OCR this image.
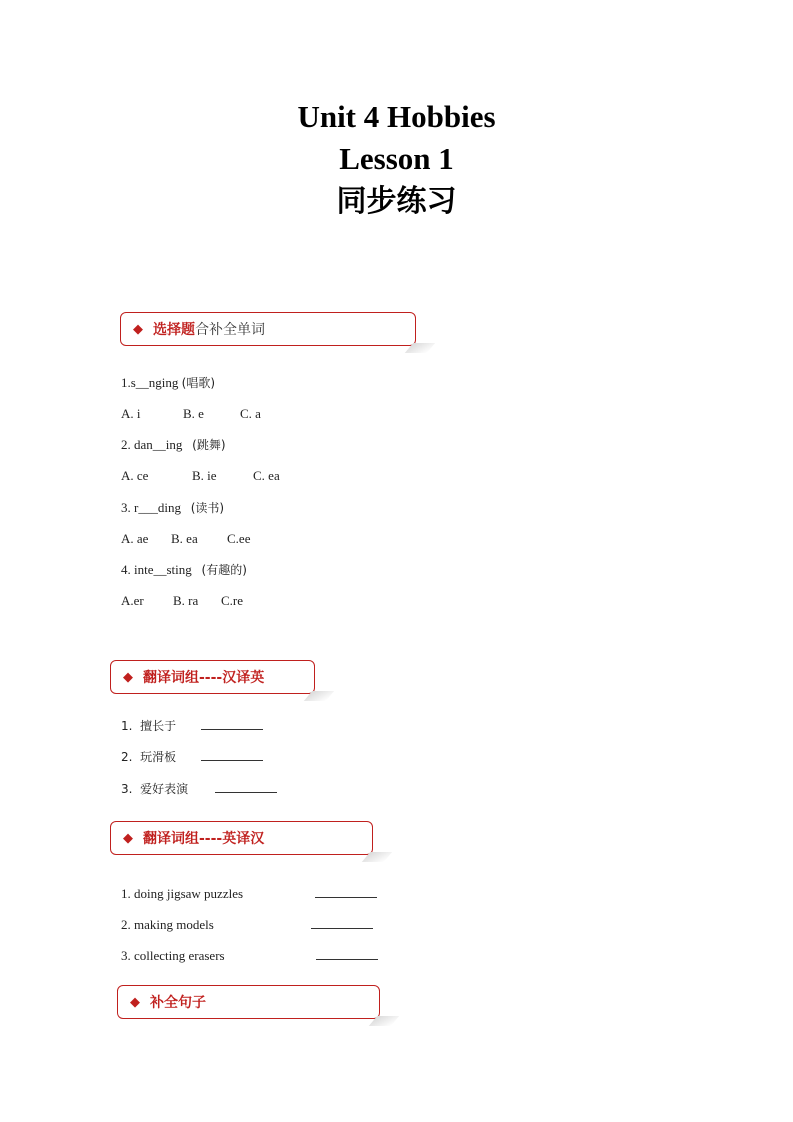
Unit 4 Hobbies
Lesson 1
同步练习
◆ 选择题 合补全单词
1.s__nging (唱歌)
A. i	B. e	C. a
2. dan__ing (跳舞)
A. ce	B. ie	C. ea
3. r___ding (读书)
A. ae B. ea C.ee
4. inte__sting (有趣的)
A.er B. ra C.re
◆ 翻译词组----汉译英
1.  擅长于
2.  玩滑板
3.  爱好表演
◆ 翻译词组----英译汉
1. doing jigsaw puzzles
2. making models
3. collecting erasers
◆ 补全句子
